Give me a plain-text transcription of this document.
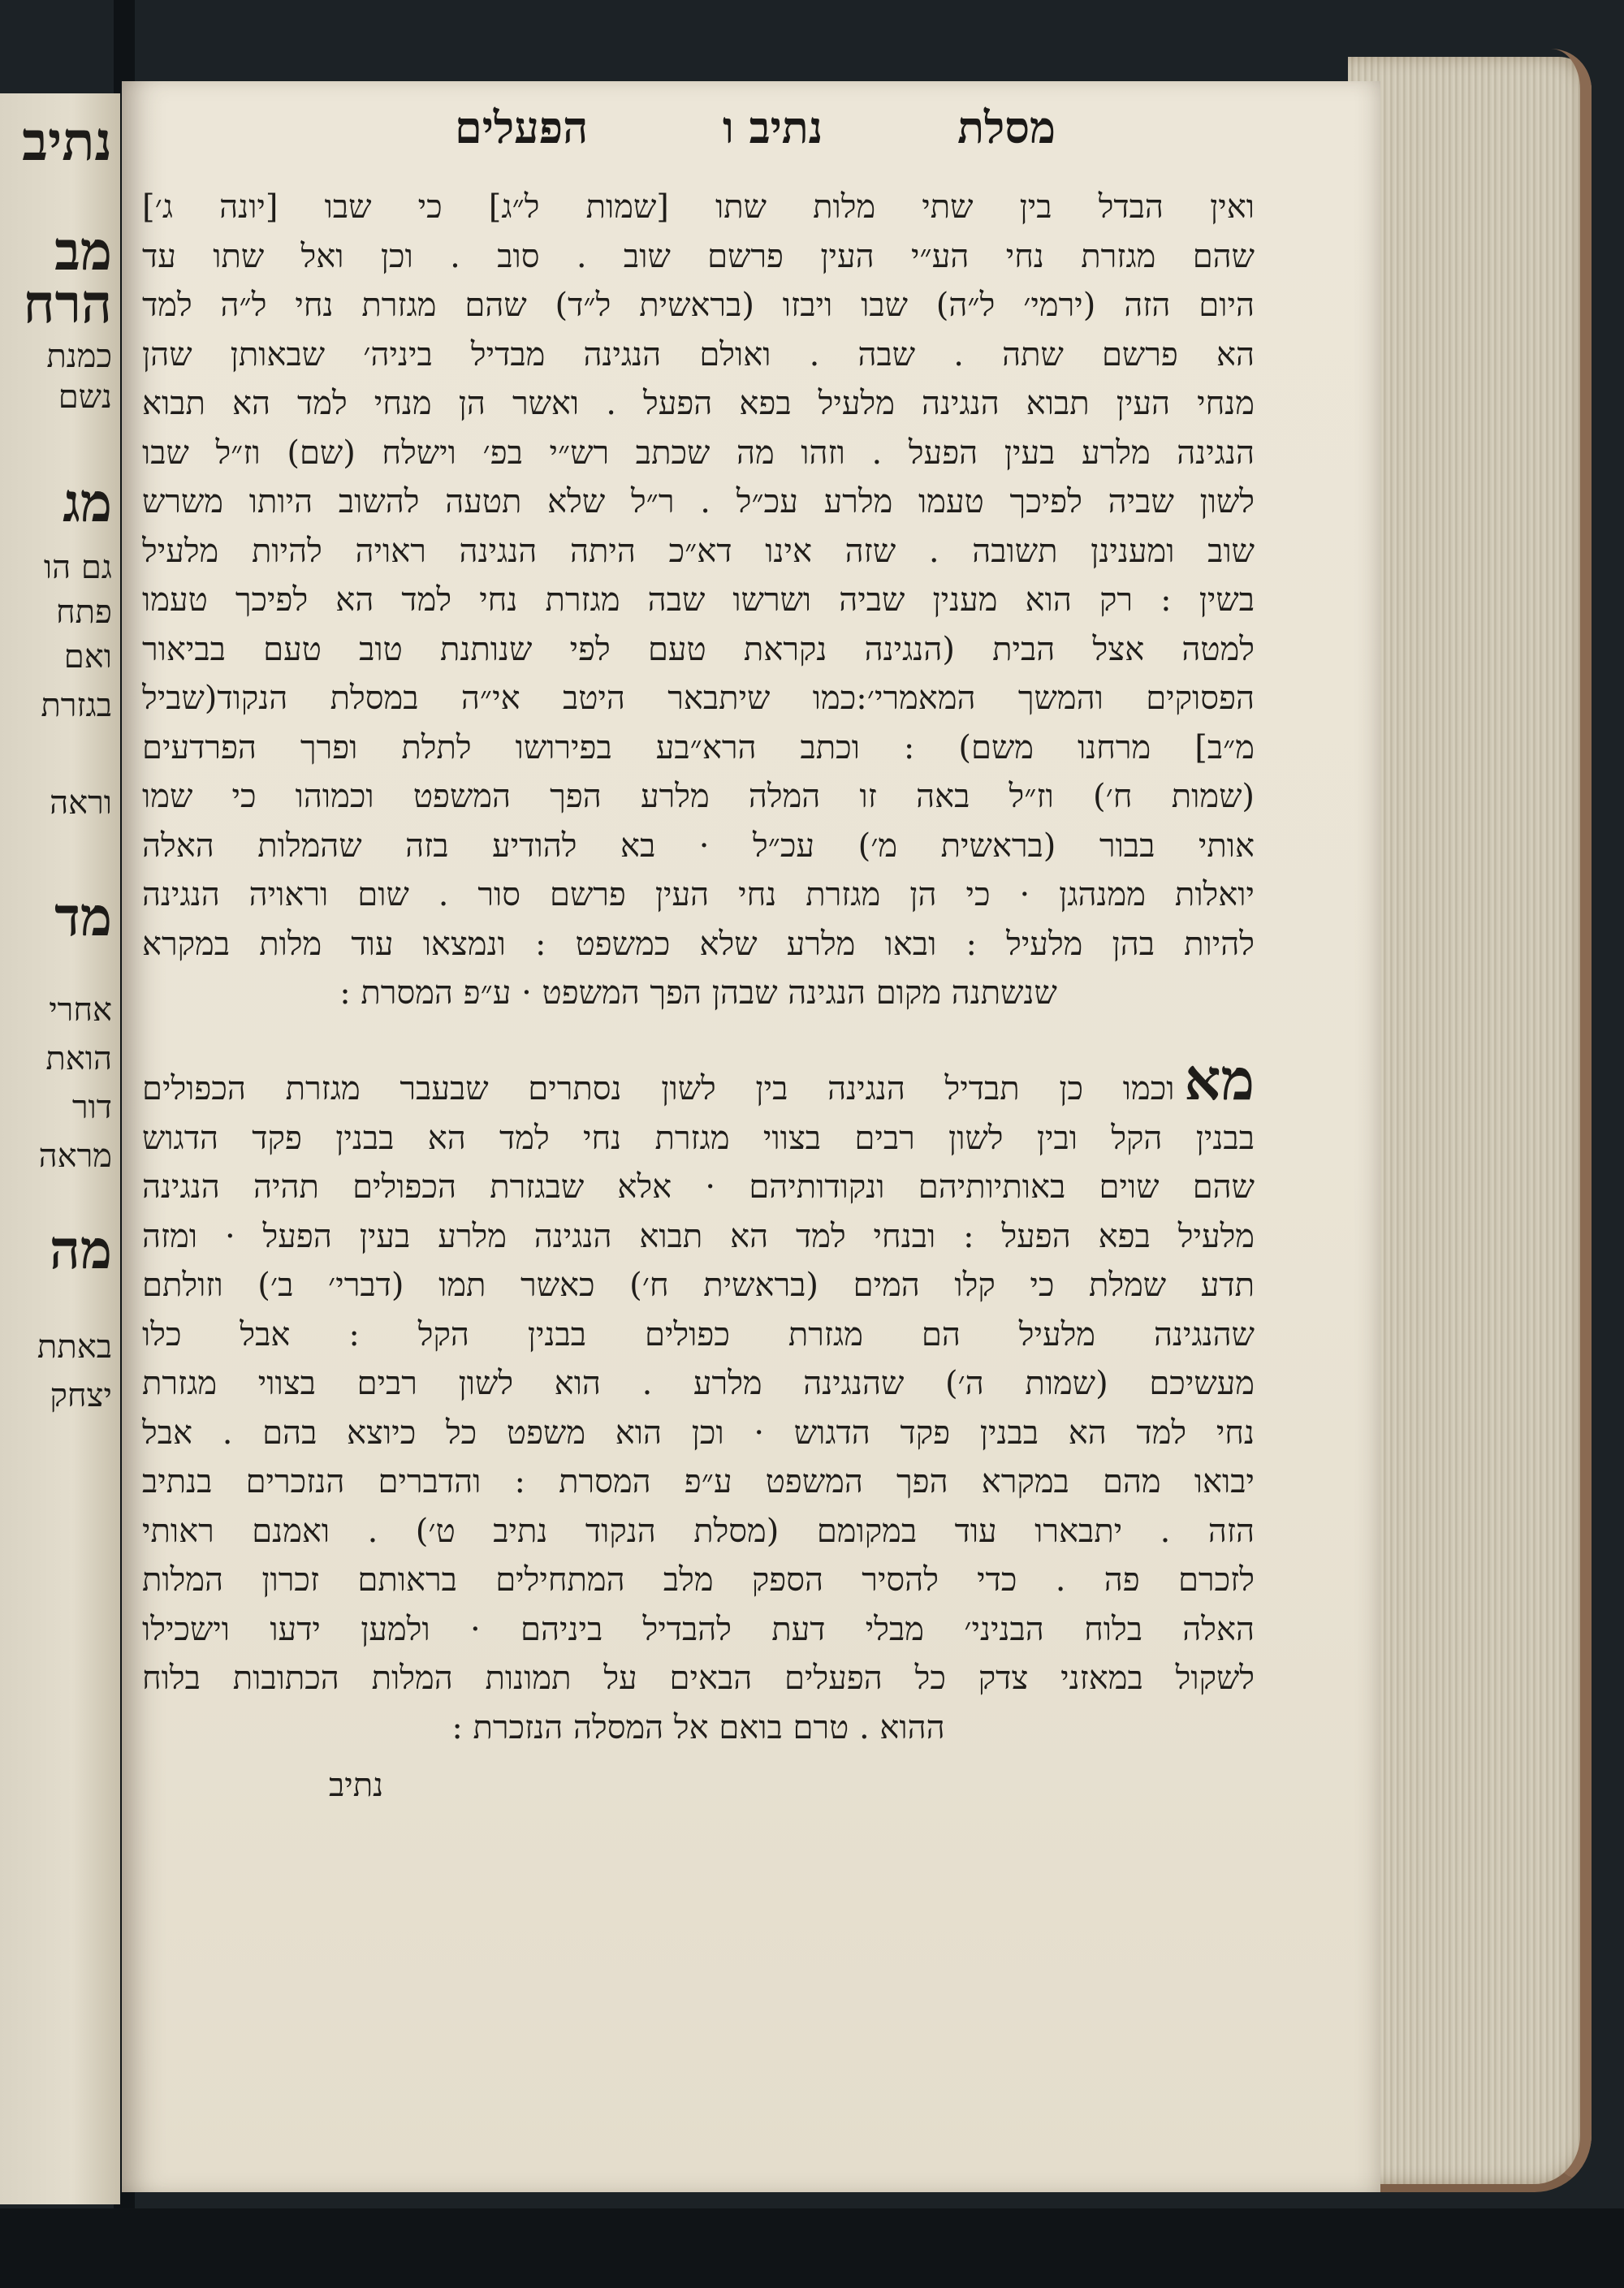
נתיב
מב
הרח
כמנת
נשם
מג
גם הו
פתח
ואם
בגזרת
וראה
מד
אחרי
הואת
דור
מראה
מה
באתת
יצחק
מסלת
נתיב ו
הפעלים
ואין הבדל בין שתי מלות שתו [שמות ל״ג] כי שבו [יונה ג׳]
שהם מגזרת נחי הע״י העין פרשם שוב . סוב . וכן ואל שתו עד
היום הזה (ירמי׳ ל״ה) שבו ויבזו (בראשית ל״ד) שהם מגזרת נחי ל״ה למד
הא פרשם שתה . שבה . ואולם הנגינה מבדיל ביניה׳ שבאותן שהן
מנחי העין תבוא הנגינה מלעיל בפא הפעל . ואשר הן מנחי למד הא תבוא
הנגינה מלרע בעין הפעל . וזהו מה שכתב רש״י בפ׳ וישלח (שם) וז״ל שבו
לשון שביה לפיכך טעמו מלרע עכ״ל . ר״ל שלא תטעה להשוב היותו משרש
שוב ומענינן תשובה . שזה אינו דא״כ היתה הנגינה ראויה להיות מלעיל
בשין : רק הוא מענין שביה ושרשו שבה מגזרת נחי למד הא לפיכך טעמו
למטה אצל הבית (הנגינה נקראת טעם לפי שנותנת טוב טעם בביאור
הפסוקים והמשך המאמרי׳:כמו שיתבאר היטב אי״ה במסלת הנקוד(שביל
מ״ב] מרחנו משם) : וכתב הרא״בע בפירושו לתלת ופרך הפרדעים
(שמות ח׳) וז״ל באה זו המלה מלרע הפך המשפט וכמוהו כי שמו
אותי בבור (בראשית מ׳) עכ״ל · בא להודיע בזה שהמלות האלה
יואלות ממנהגן · כי הן מגזרת נחי העין פרשם סור . שום וראויה הנגינה
להיות בהן מלעיל : ובאו מלרע שלא כמשפט : ונמצאו עוד מלות במקרא
שנשתנה מקום הנגינה שבהן הפך המשפט · ע״פ המסרת :
מאוכמו כן תבדיל הנגינה בין לשון נסתרים שבעבר מגזרת הכפולים
בבנין הקל ובין לשון רבים בצווי מגזרת נחי למד הא בבנין פקד הדגוש
שהם שוים באותיותיהם ונקודותיהם · אלא שבגזרת הכפולים תהיה הנגינה
מלעיל בפא הפעל : ובנחי למד הא תבוא הנגינה מלרע בעין הפעל · ומזה
תדע שמלת כי קלו המים (בראשית ח׳) כאשר תמו (דברי׳ ב׳) וזולתם
שהנגינה מלעיל הם מגזרת כפולים בבנין הקל : אבל כלו
מעשיכם (שמות ה׳) שהנגינה מלרע . הוא לשון רבים בצווי מגזרת
נחי למד הא בבנין פקד הדגוש · וכן הוא משפט כל כיוצא בהם . אבל
יבואו מהם במקרא הפך המשפט ע״פ המסרת : והדברים הנזכרים בנתיב
הזה . יתבארו עוד במקומם (מסלת הנקוד נתיב ט׳) . ואמנם ראותי
לזכרם פה . כדי להסיר הספק מלב המתחילים בראותם זכרון המלות
האלה בלוח הבניני׳ מבלי דעת להבדיל ביניהם · ולמען ידעו וישכילו
לשקול במאזני צדק כל הפעלים הבאים על תמונות המלות הכתובות בלוח
ההוא . טרם בואם אל המסלה הנזכרת :
נתיב
